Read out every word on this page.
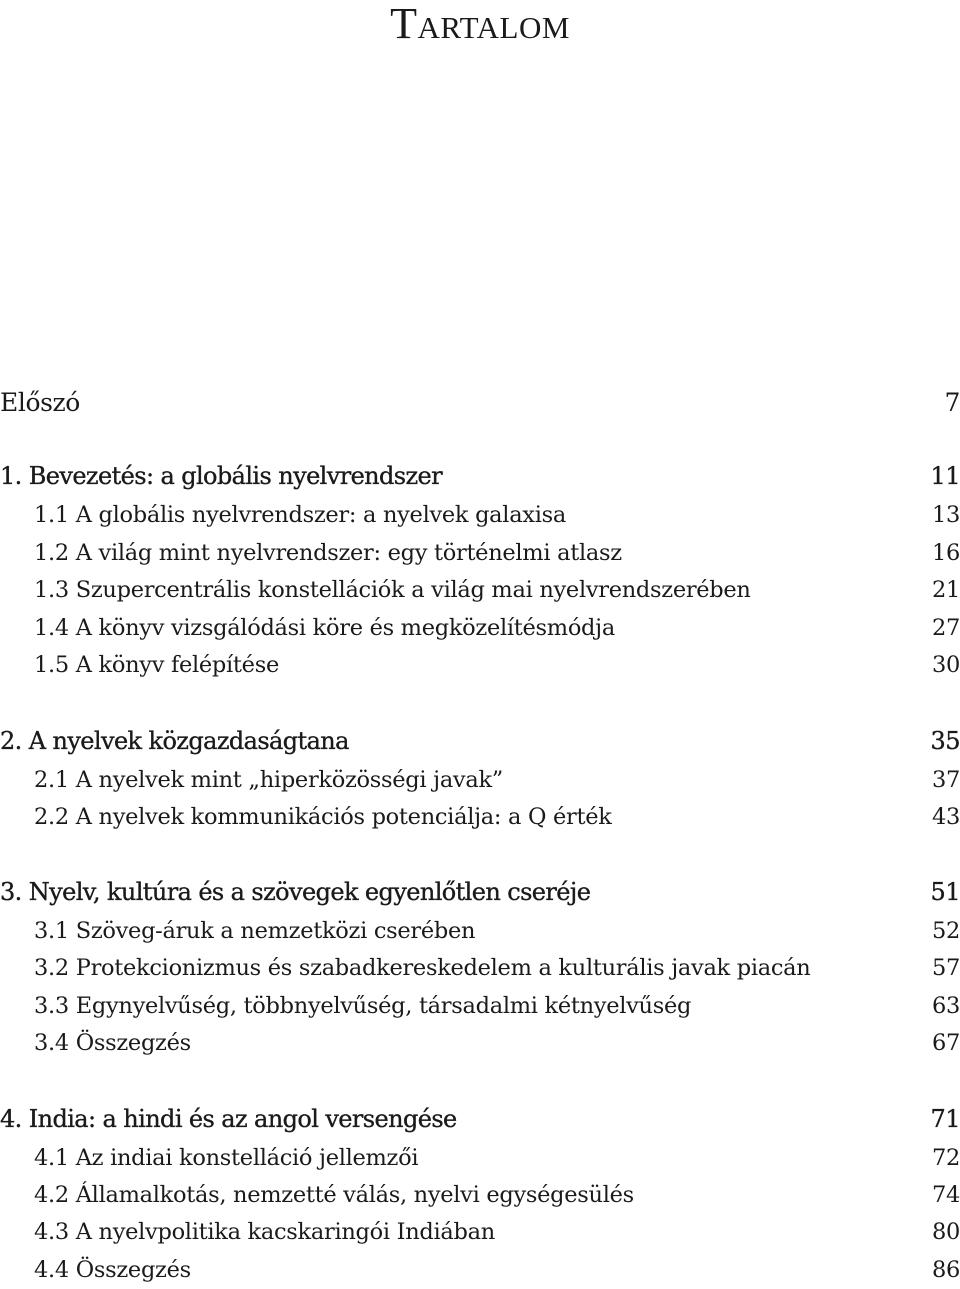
Tartalom
Előszó	7
1. Bevezetés: a globális nyelvrendszer	11
1.1 A globális nyelvrendszer: a nyelvek galaxisa	13
1.2 A világ mint nyelvrendszer: egy történelmi atlasz	16
1.3 Szupercentrális konstellációk a világ mai nyelvrendszerében	21
1.4 A könyv vizsgálódási köre és megközelítésmódja	27
1.5 A könyv felépítése	30
2. A nyelvek közgazdaságtana	35
2.1 A nyelvek mint „hiperközösségi javak”	37
2.2 A nyelvek kommunikációs potenciálja: a Q érték	43
3. Nyelv, kultúra és a szövegek egyenlőtlen cseréje	51
3.1 Szöveg-áruk a nemzetközi cserében	52
3.2 Protekcionizmus és szabadkereskedelem a kulturális javak piacán	57
3.3 Egynyelvűség, többnyelvűség, társadalmi kétnyelvűség	63
3.4 Összegzés	67
4. India: a hindi és az angol versengése	71
4.1 Az indiai konstelláció jellemzői	72
4.2 Államalkotás, nemzetté válás, nyelvi egységesülés	74
4.3 A nyelvpolitika kacskaringói Indiában	80
4.4 Összegzés	86
